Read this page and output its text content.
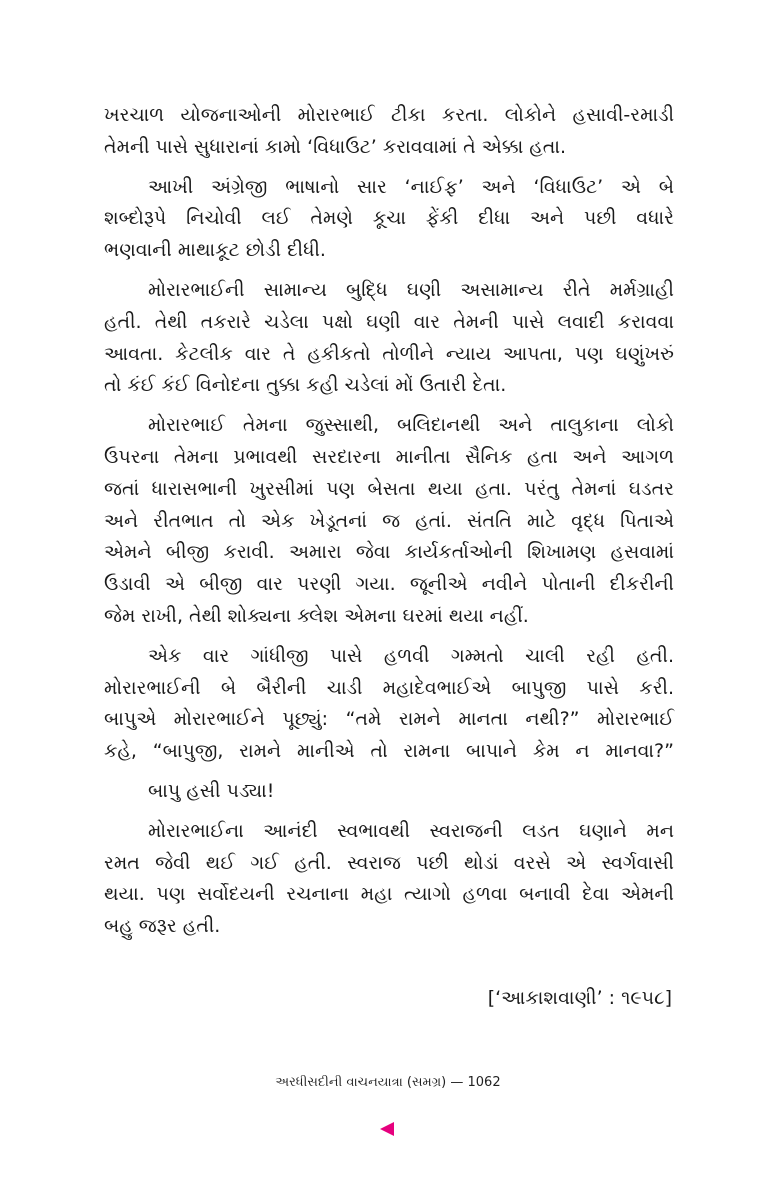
ખરચાળ યોજનાઓની મોરારભાઈ ટીકા કરતા. લોકોને હસાવી-રમાડી
તેમની પાસે સુધારાનાં કામો ‘વિધાઉટ’ કરાવવામાં તે એક્કા હતા.
આખી અંગ્રેજી ભાષાનો સાર ‘નાઈફ’ અને ‘વિધાઉટ’ એ બે
શબ્દોરૂપે નિચોવી લઈ તેમણે કૂચા ફેંકી દીધા અને પછી વધારે
ભણવાની માથાકૂટ છોડી દીધી.
મોરારભાઈની સામાન્ય બુદ્ધિ ઘણી અસામાન્ય રીતે મર્મગ્રાહી
હતી. તેથી તકરારે ચડેલા પક્ષો ઘણી વાર તેમની પાસે લવાદી કરાવવા
આવતા. કેટલીક વાર તે હકીકતો તોળીને ન્યાય આપતા, પણ ઘણુંખરું
તો કંઈ કંઈ વિનોદના તુક્કા કહી ચડેલાં મોં ઉતારી દેતા.
મોરારભાઈ તેમના જુસ્સાથી, બલિદાનથી અને તાલુકાના લોકો
ઉપરના તેમના પ્રભાવથી સરદારના માનીતા સૈનિક હતા અને આગળ
જતાં ધારાસભાની ખુરસીમાં પણ બેસતા થયા હતા. પરંતુ તેમનાં ઘડતર
અને રીતભાત તો એક ખેડૂતનાં જ હતાં. સંતતિ માટે વૃદ્ધ પિતાએ
એમને બીજી કરાવી. અમારા જેવા કાર્યકર્તાઓની શિખામણ હસવામાં
ઉડાવી એ બીજી વાર પરણી ગયા. જૂનીએ નવીને પોતાની દીકરીની
જેમ રાખી, તેથી શોક્યના ક્લેશ એમના ઘરમાં થયા નહીં.
એક વાર ગાંધીજી પાસે હળવી ગમ્મતો ચાલી રહી હતી.
મોરારભાઈની બે બૈરીની ચાડી મહાદેવભાઈએ બાપુજી પાસે કરી.
બાપુએ મોરારભાઈને પૂછ્યું: “તમે રામને માનતા નથી?” મોરારભાઈ
કહે, “બાપુજી, રામને માનીએ તો રામના બાપાને કેમ ન માનવા?”
બાપુ હસી પડ્યા!
મોરારભાઈના આનંદી સ્વભાવથી સ્વરાજની લડત ઘણાને મન
રમત જેવી થઈ ગઈ હતી. સ્વરાજ પછી થોડાં વરસે એ સ્વર્ગવાસી
થયા. પણ સર્વોદયની રચનાના મહા ત્યાગો હળવા બનાવી દેવા એમની
બહુ જરૂર હતી.
[‘આકાશવાણી’ : ૧૯૫૮]
અરધીસદીની વાચનયાત્રા (સમગ્ર) — 1062
